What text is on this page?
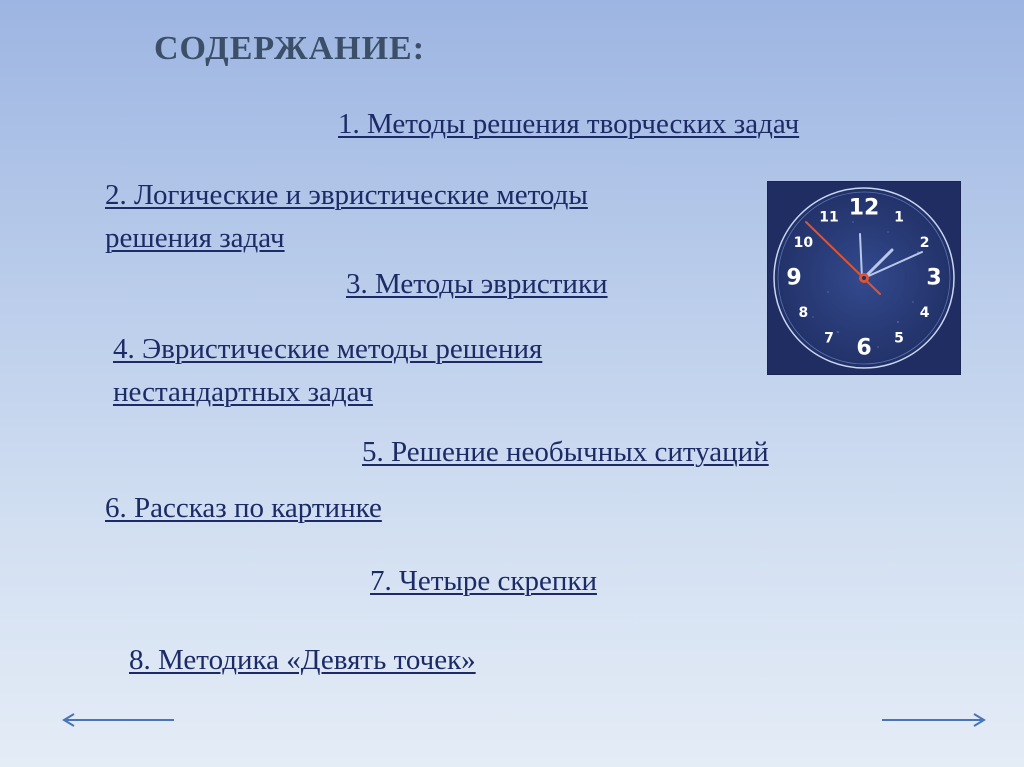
СОДЕРЖАНИЕ:
1. Методы решения творческих задач
2. Логические и эвристические методы
решения задач
3. Методы эвристики
4. Эвристические методы решения
нестандартных задач
5. Решение необычных ситуаций
6. Рассказ по картинке
7. Четыре скрепки
8. Методика «Девять точек»
12 1
2
3
4
5
6
7
8
9
10
11
